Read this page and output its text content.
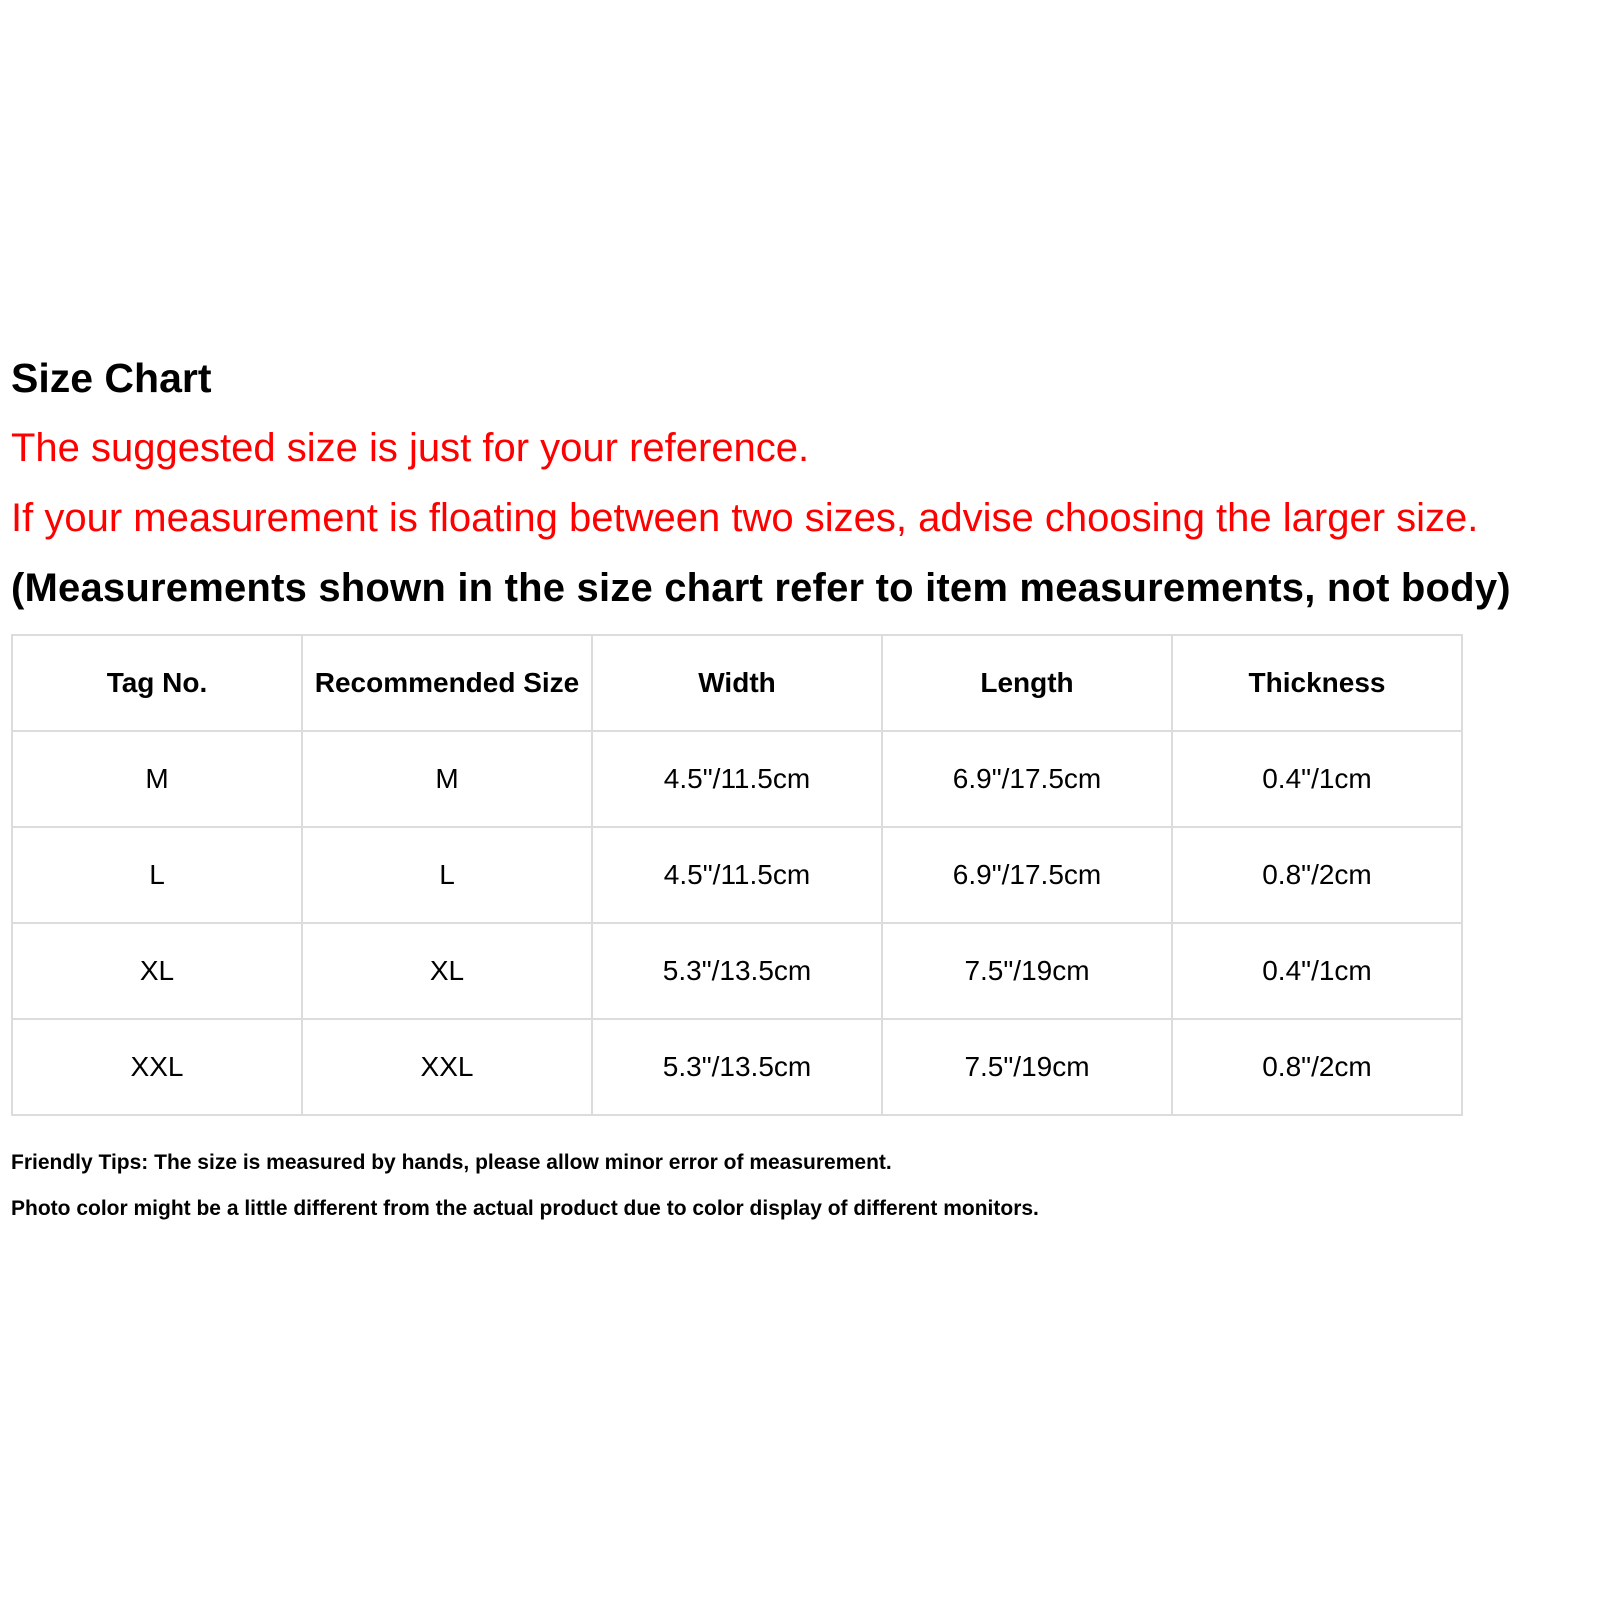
Size Chart
The suggested size is just for your reference.
If your measurement is floating between two sizes, advise choosing the larger size.
(Measurements shown in the size chart refer to item measurements, not body)
Tag No.	Recommended Size	Width	Length	Thickness
M	M	4.5"/11.5cm	6.9"/17.5cm	0.4"/1cm
L	L	4.5"/11.5cm	6.9"/17.5cm	0.8"/2cm
XL	XL	5.3"/13.5cm	7.5"/19cm	0.4"/1cm
XXL	XXL	5.3"/13.5cm	7.5"/19cm	0.8"/2cm
Friendly Tips: The size is measured by hands, please allow minor error of measurement.
Photo color might be a little different from the actual product due to color display of different monitors.
